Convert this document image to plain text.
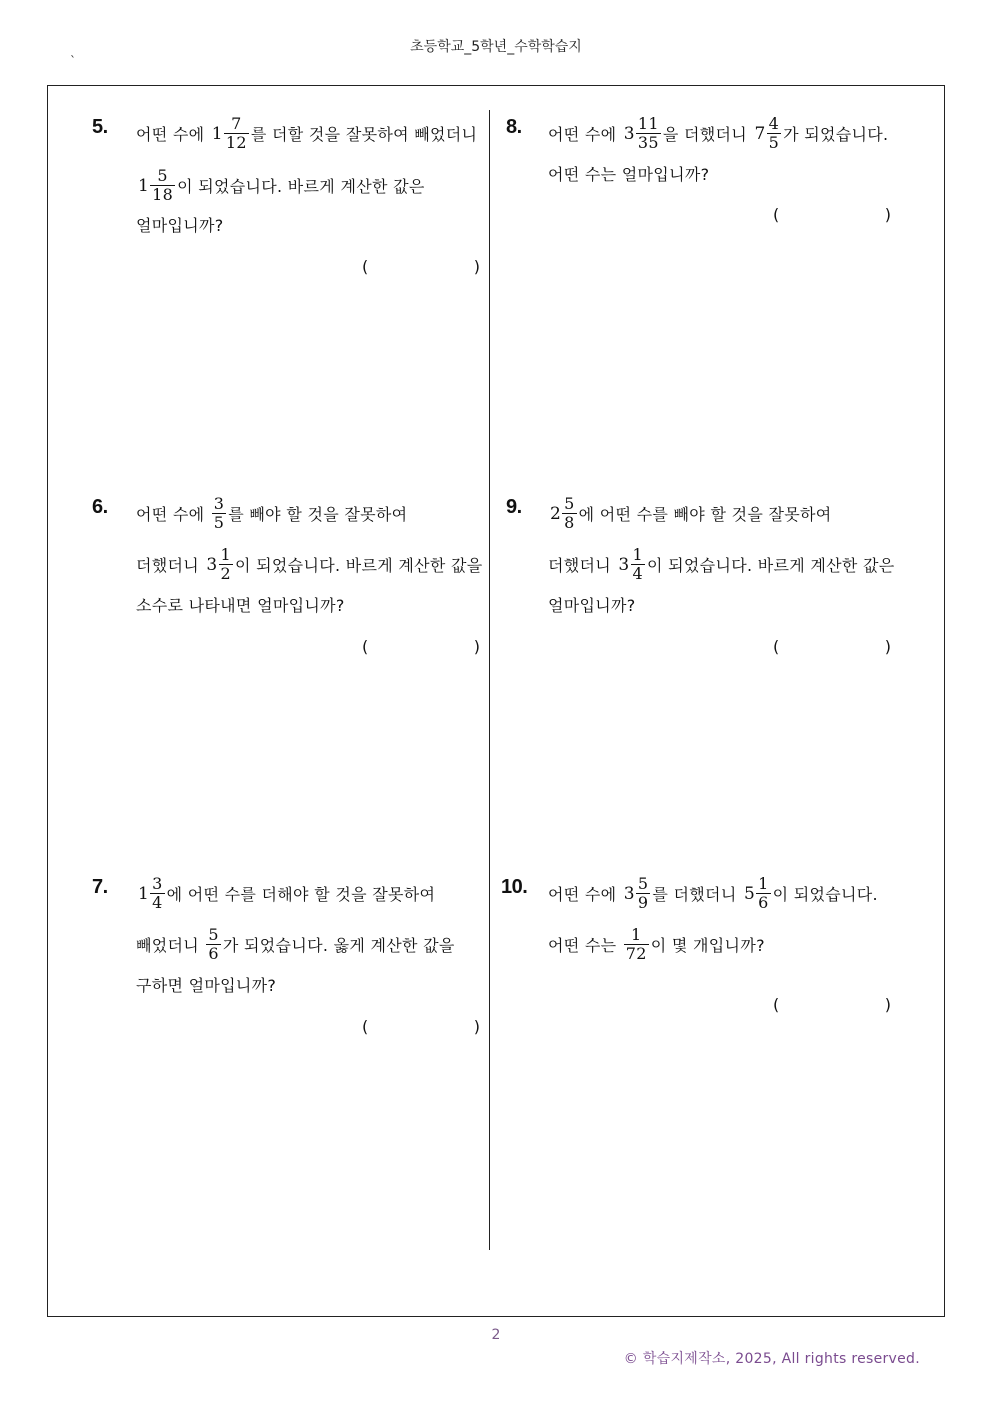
초등학교_5학년_수학학습지
`
5. 어떤 수에 $1 \frac{7}{12}$ 를 더할 것을 잘못하여 빼었더니
$1 \frac{5}{18}$ 이 되었습니다. 바르게 계산한 값은
얼마입니까?
(	)
6. 어떤 수에 $\frac{3}{5}$ 를 빼야 할 것을 잘못하여
더했더니 $3 \frac{1}{2}$ 이 되었습니다. 바르게 계산한 값을
소수로 나타내면 얼마입니까?
(	)
7. $1 \frac{3}{4}$ 에 어떤 수를 더해야 할 것을 잘못하여
빼었더니 $\frac{5}{6}$ 가 되었습니다. 옳게 계산한 값을
구하면 얼마입니까?
(	)
8. 어떤 수에 $3 \frac{11}{35}$ 을 더했더니 $7 \frac{4}{5}$ 가 되었습니다.
어떤 수는 얼마입니까?
(	)
9. $2 \frac{5}{8}$ 에 어떤 수를 빼야 할 것을 잘못하여
더했더니 $3 \frac{1}{4}$ 이 되었습니다. 바르게 계산한 값은
얼마입니까?
(	)
10. 어떤 수에 $3 \frac{5}{9}$ 를 더했더니 $5 \frac{1}{6}$ 이 되었습니다.
어떤 수는 $\frac{1}{72}$ 이 몇 개입니까?
(	)
2
© 학습지제작소, 2025, All rights reserved.
